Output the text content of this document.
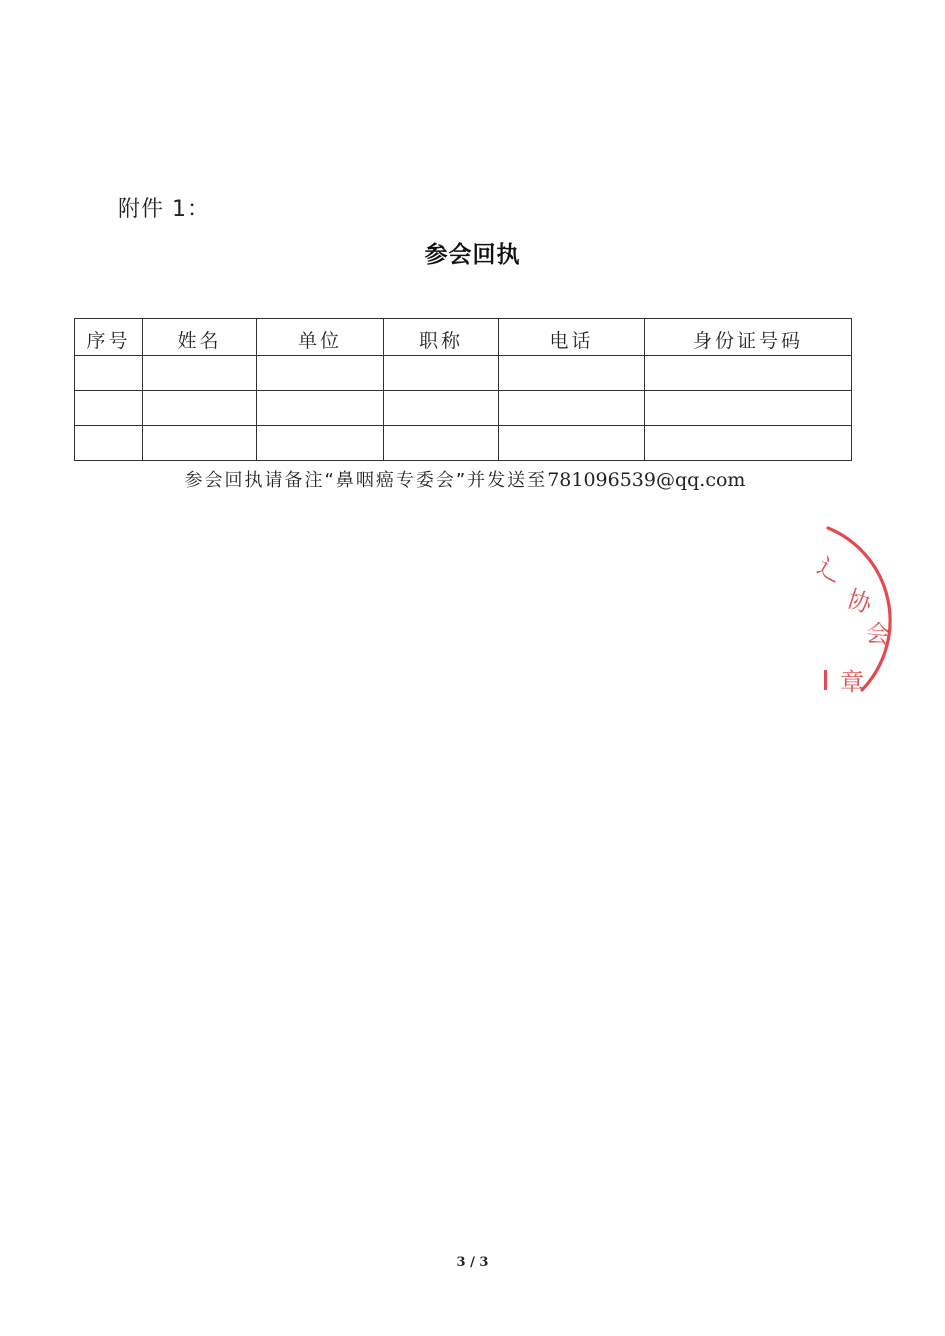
附件 1：
参会回执
序号	姓名	单位	职称	电话	身份证号码

参会回执请备注“鼻咽癌专委会”并发送至781096539@qq.com
⻌
协
会
章
3 / 3
